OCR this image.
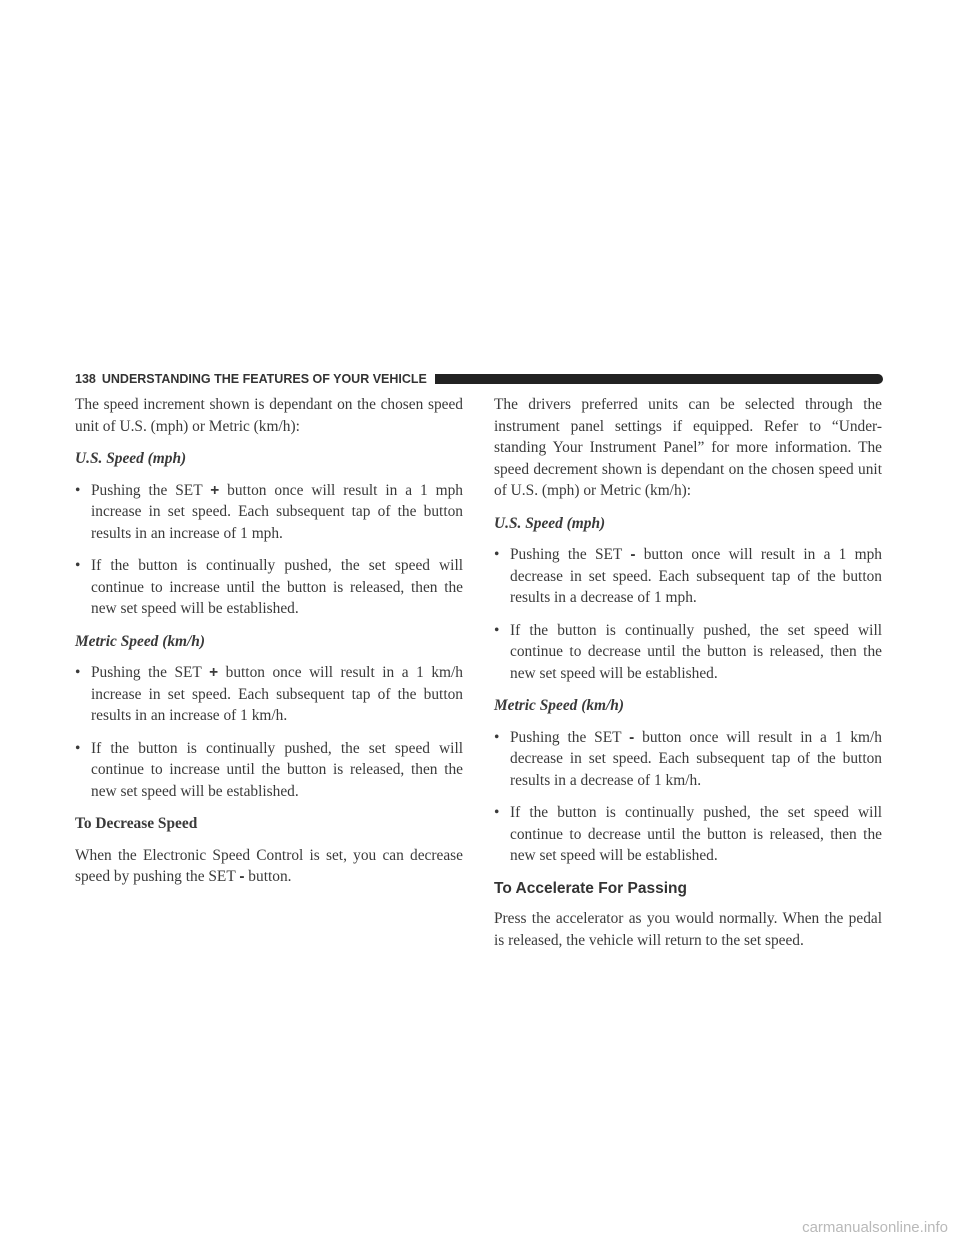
138 UNDERSTANDING THE FEATURES OF YOUR VEHICLE

The speed increment shown is dependant on the chosen speed unit of U.S. (mph) or Metric (km/h):

U.S. Speed (mph)
• Pushing the SET + button once will result in a 1 mph increase in set speed. Each subsequent tap of the button results in an increase of 1 mph.
• If the button is continually pushed, the set speed will continue to increase until the button is released, then the new set speed will be established.
Metric Speed (km/h)
• Pushing the SET + button once will result in a 1 km/h increase in set speed. Each subsequent tap of the button results in an increase of 1 km/h.
• If the button is continually pushed, the set speed will continue to increase until the button is released, then the new set speed will be established.
To Decrease Speed

When the Electronic Speed Control is set, you can decrease speed by pushing the SET - button.

The drivers preferred units can be selected through the instrument panel settings if equipped. Refer to “Under-standing Your Instrument Panel” for more information. The speed decrement shown is dependant on the chosen speed unit of U.S. (mph) or Metric (km/h):

U.S. Speed (mph)
• Pushing the SET - button once will result in a 1 mph decrease in set speed. Each subsequent tap of the button results in a decrease of 1 mph.
• If the button is continually pushed, the set speed will continue to decrease until the button is released, then the new set speed will be established.
Metric Speed (km/h)
• Pushing the SET - button once will result in a 1 km/h decrease in set speed. Each subsequent tap of the button results in a decrease of 1 km/h.
• If the button is continually pushed, the set speed will continue to decrease until the button is released, then the new set speed will be established.
To Accelerate For Passing

Press the accelerator as you would normally. When the pedal is released, the vehicle will return to the set speed.

carmanualsonline.info
